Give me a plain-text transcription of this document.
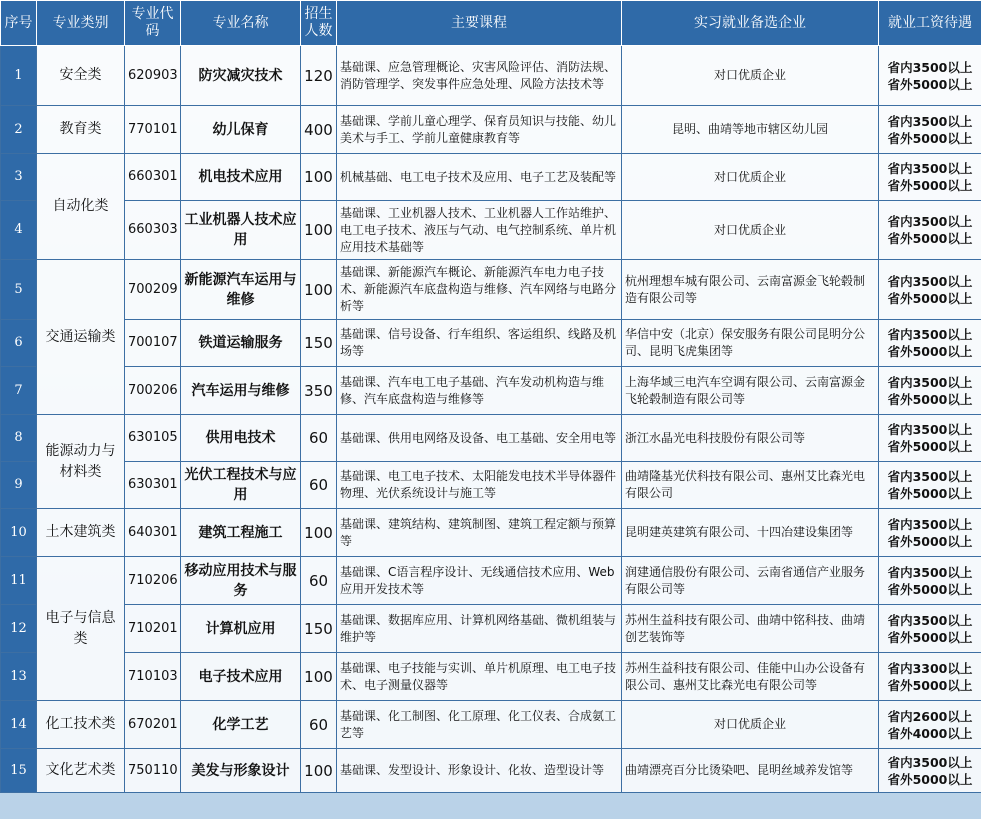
序号	专业类别	专业代码	专业名称	招生人数	主要课程	实习就业备选企业	就业工资待遇
1	安全类	620903	防灾减灾技术	120	基础课、应急管理概论、灾害风险评估、消防法规、消防管理学、突发事件应急处理、风险方法技术等	对口优质企业	省内3500以上
省外5000以上

2	教育类	770101	幼儿保育	400	基础课、学前儿童心理学、保育员知识与技能、幼儿美术与手工、学前儿童健康教育等	昆明、曲靖等地市辖区幼儿园	省内3500以上
省外5000以上

3	自动化类	660301	机电技术应用	100	机械基础、电工电子技术及应用、电子工艺及装配等	对口优质企业	省内3500以上
省外5000以上

4		660303	工业机器人技术应用	100	基础课、工业机器人技术、工业机器人工作站维护、电工电子技术、液压与气动、电气控制系统、单片机应用技术基础等	对口优质企业	省内3500以上
省外5000以上

5	交通运输类	700209	新能源汽车运用与维修	100	基础课、新能源汽车概论、新能源汽车电力电子技术、新能源汽车底盘构造与维修、汽车网络与电路分析等	杭州理想车城有限公司、云南富源金飞轮毂制造有限公司等	省内3500以上
省外5000以上

6		700107	铁道运输服务	150	基础课、信号设备、行车组织、客运组织、线路及机场等	华信中安（北京）保安服务有限公司昆明分公司、昆明飞虎集团等	省内3500以上
省外5000以上

7		700206	汽车运用与维修	350	基础课、汽车电工电子基础、汽车发动机构造与维修、汽车底盘构造与维修等	上海华域三电汽车空调有限公司、云南富源金飞轮毂制造有限公司等	省内3500以上
省外5000以上

8	能源动力与材料类	630105	供用电技术	60	基础课、供用电网络及设备、电工基础、安全用电等	浙江水晶光电科技股份有限公司等	省内3500以上
省外5000以上

9		630301	光伏工程技术与应用	60	基础课、电工电子技术、太阳能发电技术半导体器件物理、光伏系统设计与施工等	曲靖隆基光伏科技有限公司、惠州艾比森光电有限公司	省内3500以上
省外5000以上

10	土木建筑类	640301	建筑工程施工	100	基础课、建筑结构、建筑制图、建筑工程定额与预算等	昆明建英建筑有限公司、十四冶建设集团等	省内3500以上
省外5000以上

11	电子与信息类	710206	移动应用技术与服务	60	基础课、C语言程序设计、无线通信技术应用、Web应用开发技术等	润建通信股份有限公司、云南省通信产业服务有限公司等	省内3500以上
省外5000以上

12		710201	计算机应用	150	基础课、数据库应用、计算机网络基础、微机组装与维护等	苏州生益科技有限公司、曲靖中铭科技、曲靖创艺装饰等	省内3500以上
省外5000以上

13		710103	电子技术应用	100	基础课、电子技能与实训、单片机原理、电工电子技术、电子测量仪器等	苏州生益科技有限公司、佳能中山办公设备有限公司、惠州艾比森光电有限公司等	省内3300以上
省外5000以上

14	化工技术类	670201	化学工艺	60	基础课、化工制图、化工原理、化工仪表、合成氨工艺等	对口优质企业	省内2600以上
省外4000以上

15	文化艺术类	750110	美发与形象设计	100	基础课、发型设计、形象设计、化妆、造型设计等	曲靖漂亮百分比烫染吧、昆明丝域养发馆等	省内3500以上
省外5000以上
